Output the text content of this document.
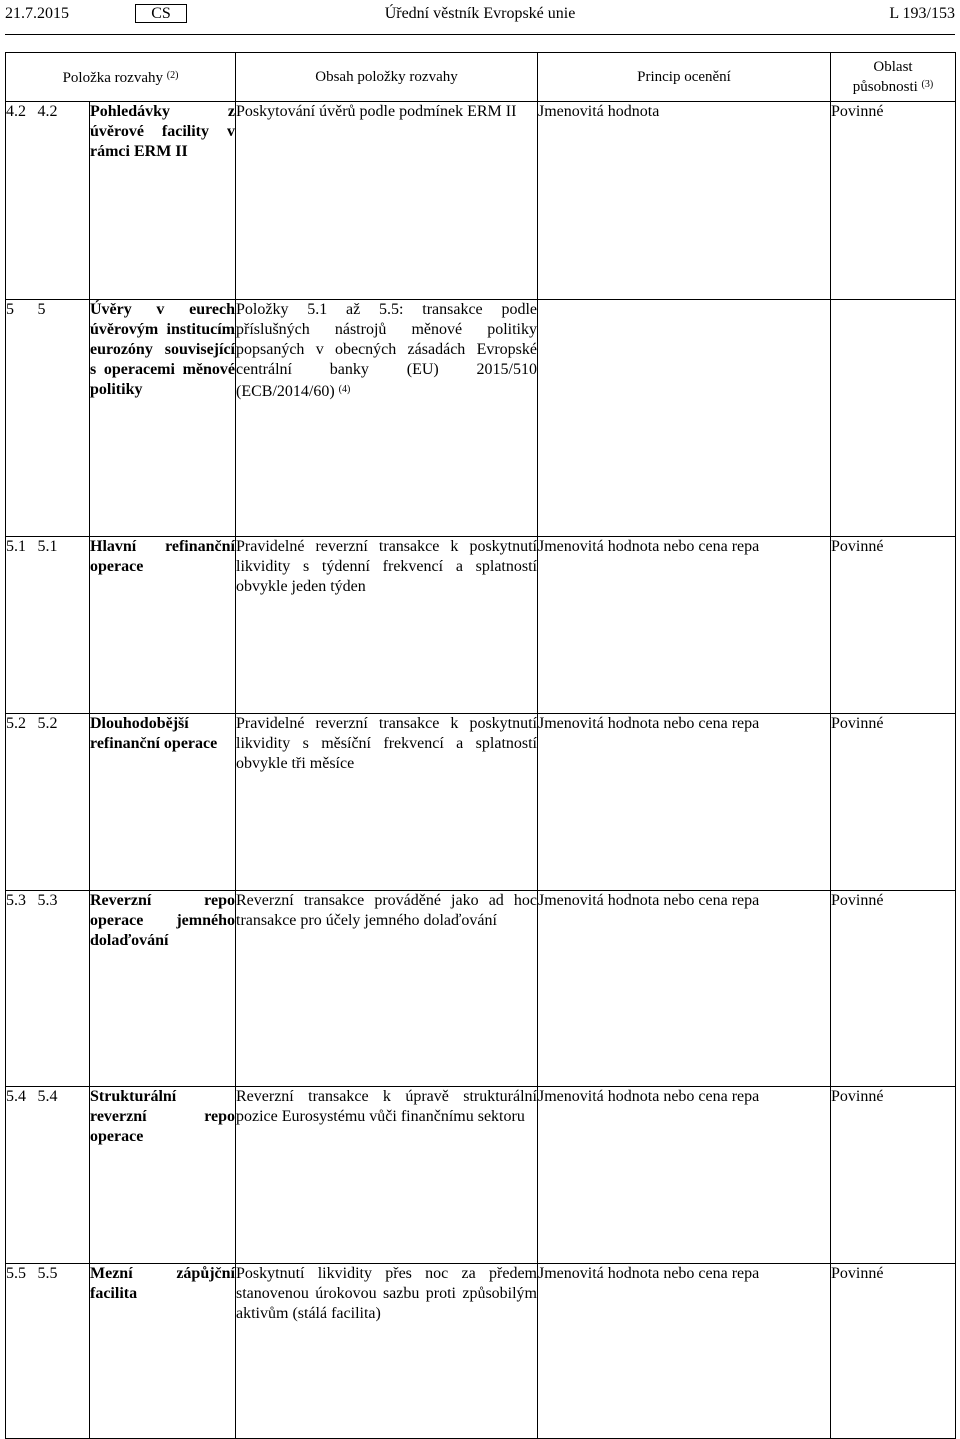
21.7.2015	CS	Úřední věstník Evropské unie	L 193/153
Položka rozvahy $^{(2)}$			Obsah položky rozvahy	Princip ocenění	Oblast
působnosti $^{(3)}$
4.2	4.2	Pohledávky z úvěrové facility v rámci ERM II	Poskytování úvěrů podle podmínek ERM II	Jmenovitá hodnota	Povinné
5	5	Úvěry v eurech úvěrovým institucím eurozóny související s operacemi měnové politiky	Položky 5.1 až 5.5: transakce podle příslušných nástrojů měnové politiky popsaných v obecných zásadách Evropské centrální banky (EU) 2015/510 (ECB/2014/60) $^{(4)}$		
5.1	5.1	Hlavní refinanční operace	Pravidelné reverzní transakce k poskytnutí likvidity s týdenní frekvencí a splatností obvykle jeden týden	Jmenovitá hodnota nebo cena repa	Povinné
5.2	5.2	Dlouhodobější refinanční operace	Pravidelné reverzní transakce k poskytnutí likvidity s měsíční frekvencí a splatností obvykle tři měsíce	Jmenovitá hodnota nebo cena repa	Povinné
5.3	5.3	Reverzní repo operace jemného dolaďování	Reverzní transakce prováděné jako ad hoc transakce pro účely jemného dolaďování	Jmenovitá hodnota nebo cena repa	Povinné
5.4	5.4	Strukturální reverzní repo operace	Reverzní transakce k úpravě strukturální pozice Eurosystému vůči finančnímu sektoru	Jmenovitá hodnota nebo cena repa	Povinné
5.5	5.5	Mezní zápůjční facilita	Poskytnutí likvidity přes noc za předem stanovenou úrokovou sazbu proti způsobilým aktivům (stálá facilita)	Jmenovitá hodnota nebo cena repa	Povinné
